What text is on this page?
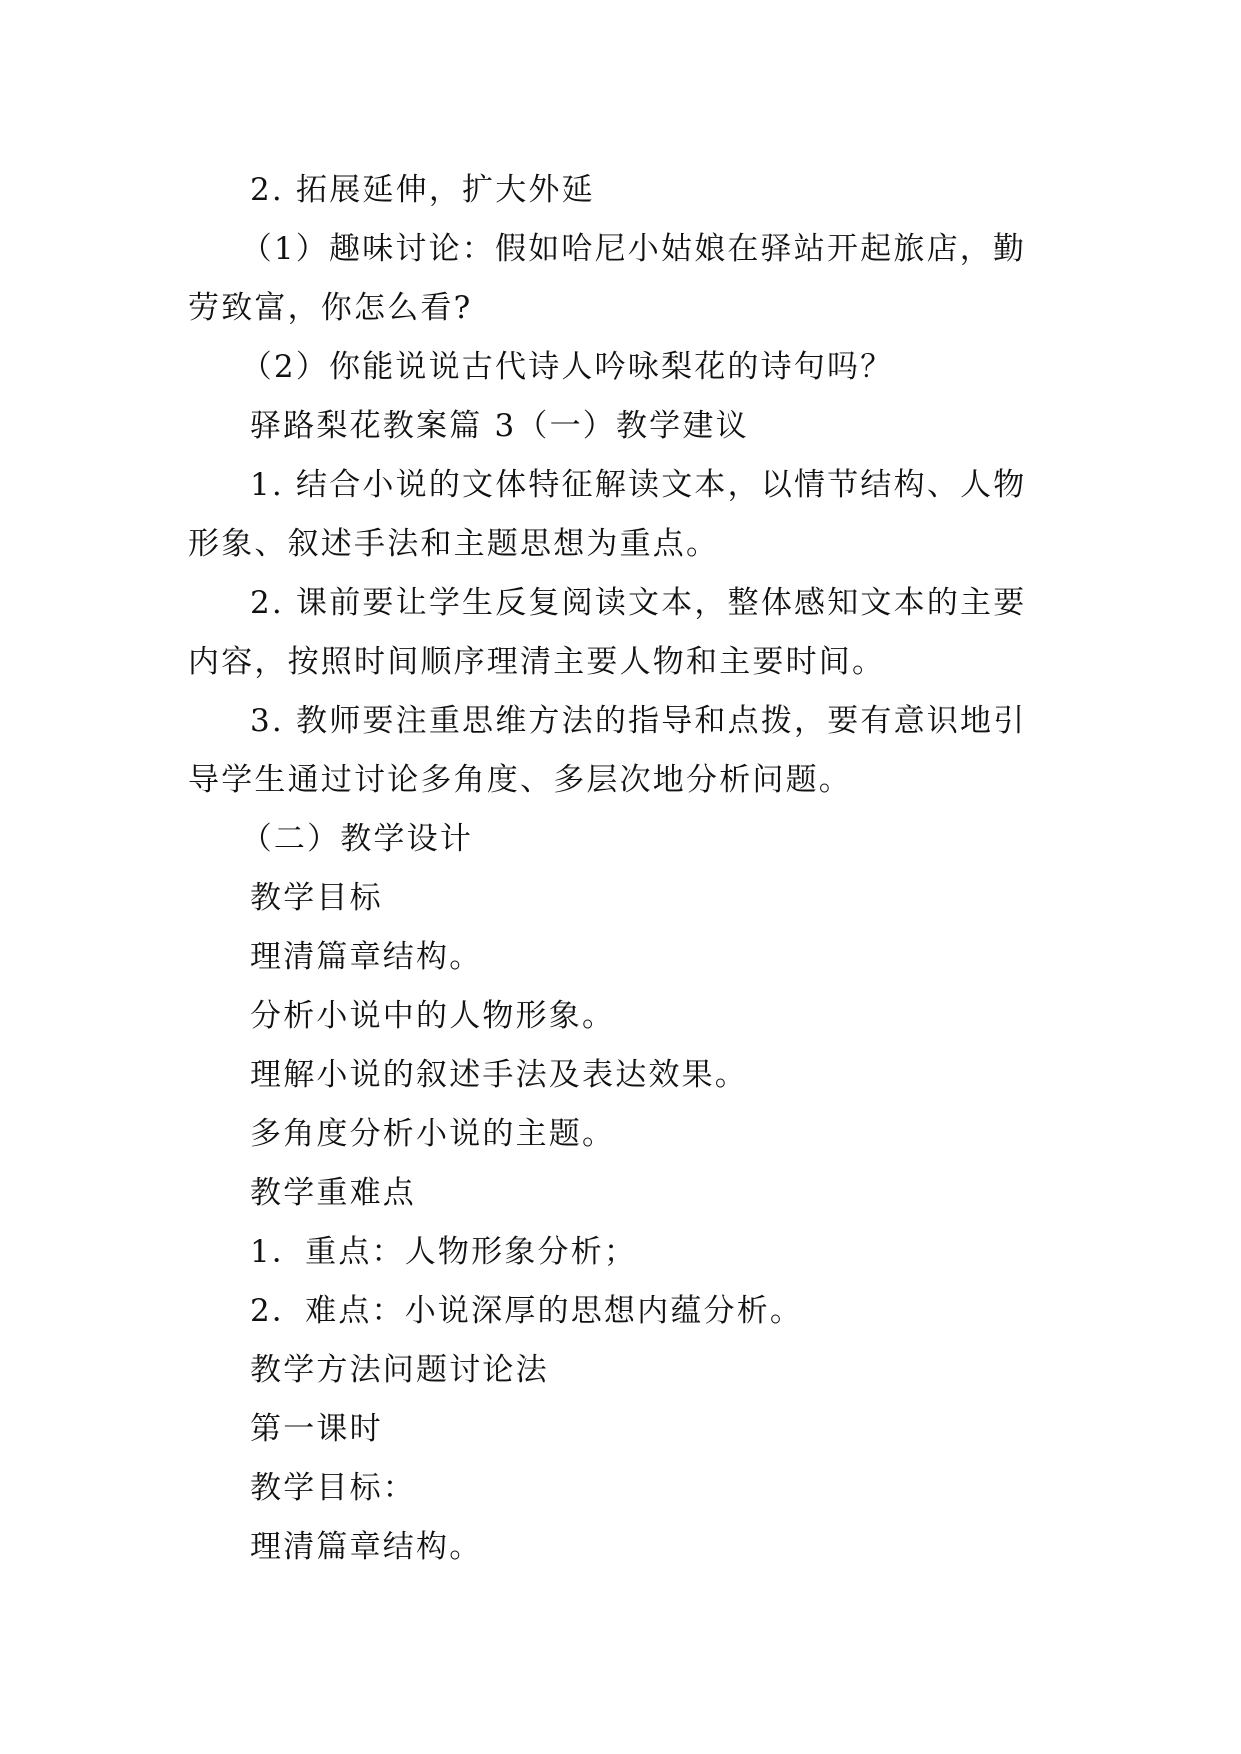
2. 拓展延伸，扩大外延

（1）趣味讨论：假如哈尼小姑娘在驿站开起旅店，勤劳致富，你怎么看?

（2）你能说说古代诗人吟咏梨花的诗句吗？

驿路梨花教案篇 3（一）教学建议

1. 结合小说的文体特征解读文本，以情节结构、人物形象、叙述手法和主题思想为重点。

2. 课前要让学生反复阅读文本，整体感知文本的主要内容，按照时间顺序理清主要人物和主要时间。

3. 教师要注重思维方法的指导和点拨，要有意识地引导学生通过讨论多角度、多层次地分析问题。

（二）教学设计

教学目标

理清篇章结构。

分析小说中的人物形象。

理解小说的叙述手法及表达效果。

多角度分析小说的主题。

教学重难点

1．重点：人物形象分析；

2．难点：小说深厚的思想内蕴分析。

教学方法问题讨论法

第一课时

教学目标：

理清篇章结构。
